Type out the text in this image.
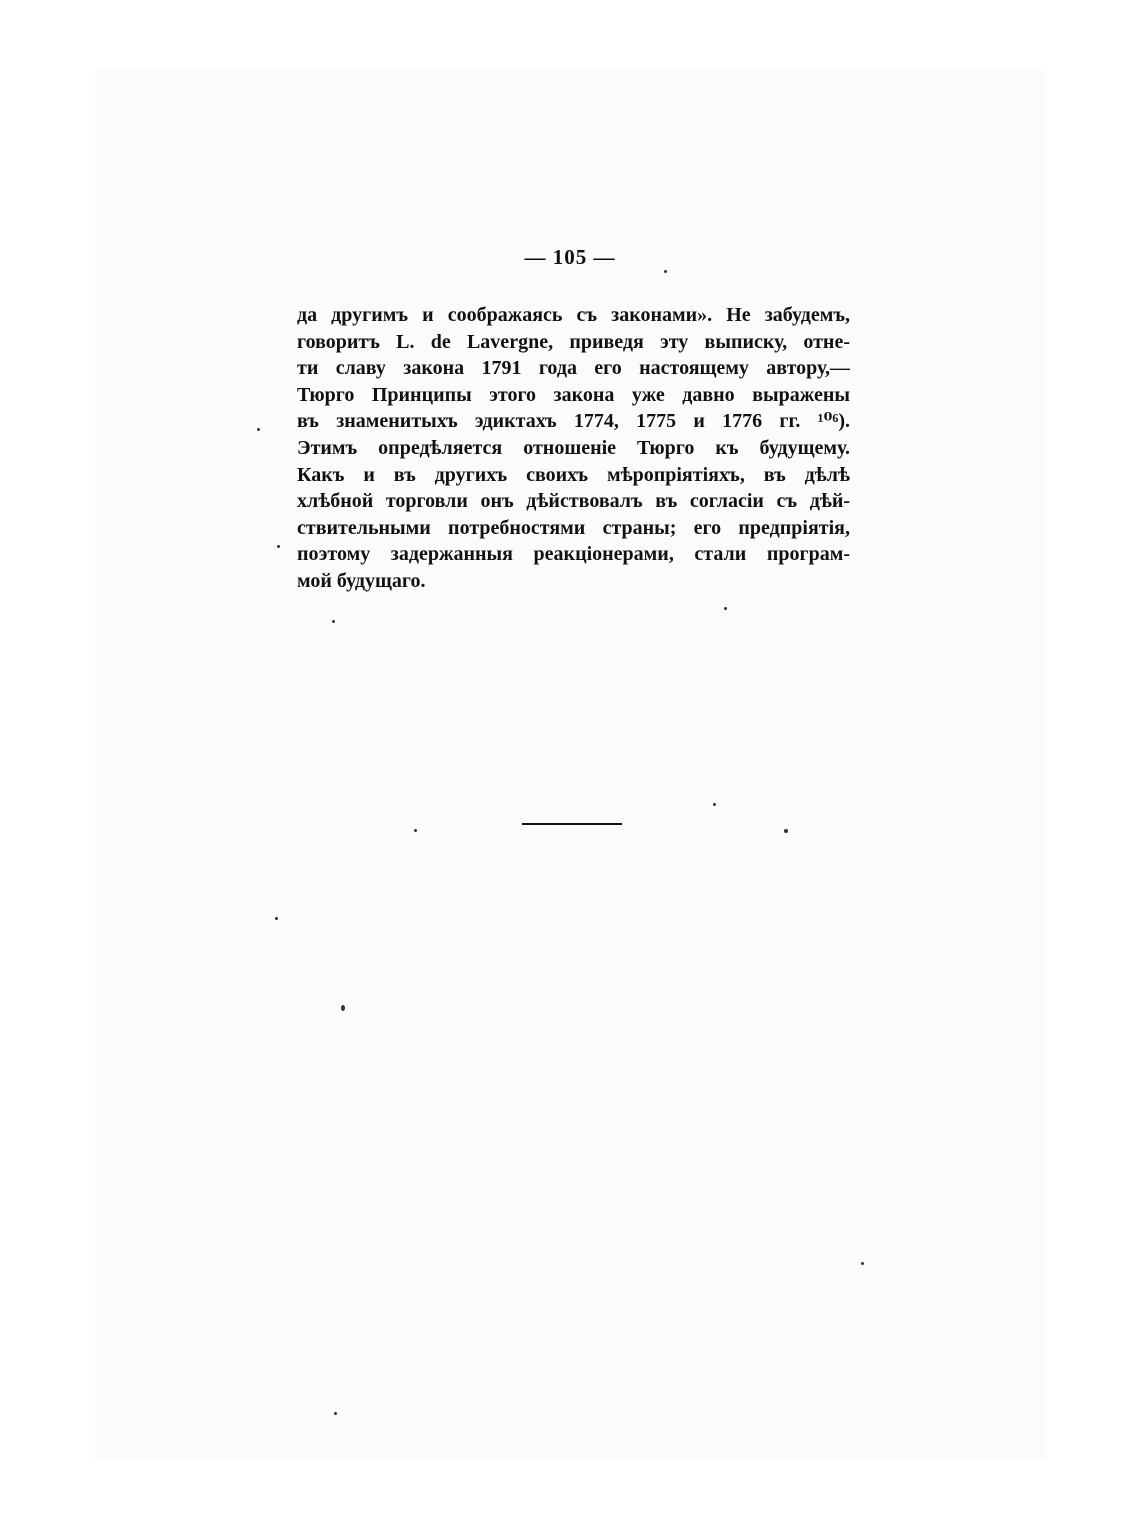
— 105 —
да другимъ и соображаясь съ законами». Не забудемъ,
говоритъ L. de Lavergne, приведя эту выписку, отне-
ти славу закона 1791 года его настоящему автору,—
Тюрго Принципы этого закона уже давно выражены
въ знаменитыхъ эдиктахъ 1774, 1775 и 1776 гг. ¹⁰⁶).
Этимъ опредѣляется отношеніе Тюрго къ будущему.
Какъ и въ другихъ своихъ мѣропріятіяхъ, въ дѣлѣ
хлѣбной торговли онъ дѣйствовалъ въ согласіи съ дѣй-
ствительными потребностями страны; его предпріятія,
поэтому задержанныя реакціонерами, стали програм-
мой будущаго.
